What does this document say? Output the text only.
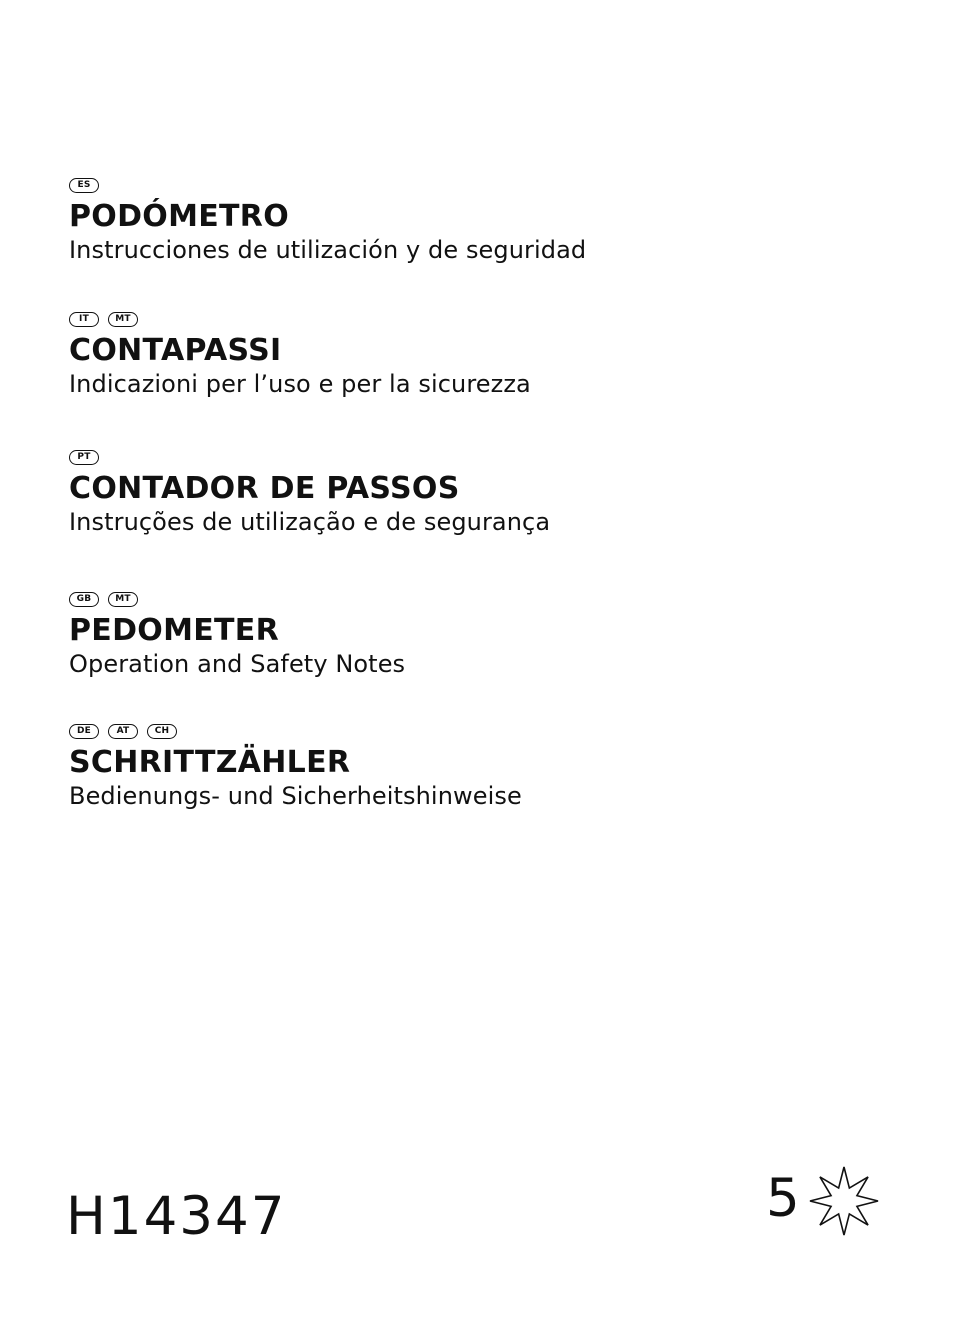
ES
PODÓMETRO
Instrucciones de utilización y de seguridad
IT	MT
CONTAPASSI
Indicazioni per l’uso e per la sicurezza
PT
CONTADOR DE PASSOS
Instruções de utilização e de segurança
GB	MT
PEDOMETER
Operation and Safety Notes
DE	AT	CH
SCHRITTZÄHLER
Bedienungs- und Sicherheitshinweise
H14347	5
